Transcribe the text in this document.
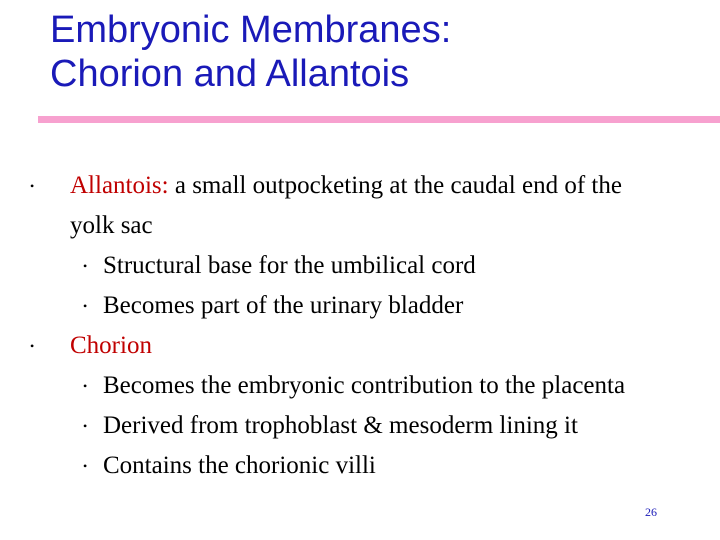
Embryonic Membranes:
Chorion and Allantois
• Allantois: a small outpocketing at the caudal end of the
yolk sac
• Structural base for the umbilical cord
• Becomes part of the urinary bladder
• Chorion
• Becomes the embryonic contribution to the placenta
• Derived from trophoblast & mesoderm lining it
• Contains the chorionic villi
26
